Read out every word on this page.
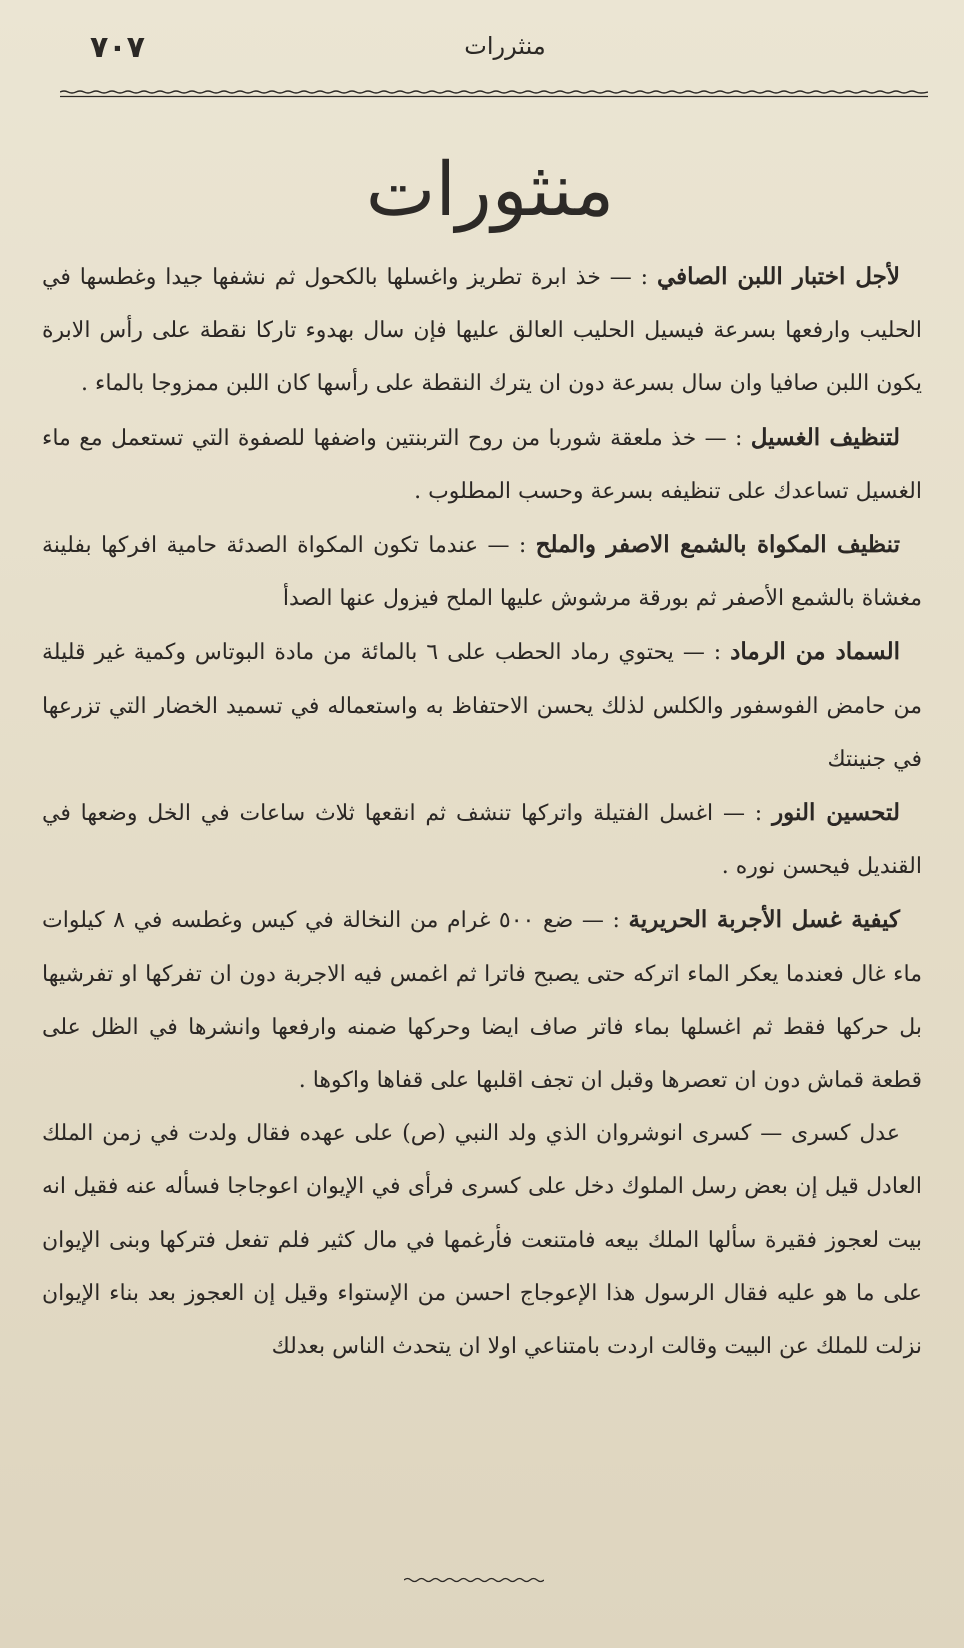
٧٠٧	منثررات
منثورات

لأجل اختبار اللبن الصافي : — خذ ابرة تطريز واغسلها بالكحول ثم نشفها جيدا وغطسها في الحليب وارفعها بسرعة فيسيل الحليب العالق عليها فإن سال بهدوء تاركا نقطة على رأس الابرة يكون اللبن صافيا وان سال بسرعة دون ان يترك النقطة على رأسها كان اللبن ممزوجا بالماء .

لتنظيف الغسيل : — خذ ملعقة شوربا من روح التربنتين واضفها للصفوة التي تستعمل مع ماء الغسيل تساعدك على تنظيفه بسرعة وحسب المطلوب .

تنظيف المكواة بالشمع الاصفر والملح : — عندما تكون المكواة الصدئة حامية افركها بفلينة مغشاة بالشمع الأصفر ثم بورقة مرشوش عليها الملح فيزول عنها الصدأ

السماد من الرماد : — يحتوي رماد الحطب على ٦ بالمائة من مادة البوتاس وكمية غير قليلة من حامض الفوسفور والكلس لذلك يحسن الاحتفاظ به واستعماله في تسميد الخضار التي تزرعها في جنينتك

لتحسين النور : — اغسل الفتيلة واتركها تنشف ثم انقعها ثلاث ساعات في الخل وضعها في القنديل فيحسن نوره .

كيفية غسل الأجربة الحريرية : — ضع ٥٠٠ غرام من النخالة في كيس وغطسه في ٨ كيلوات ماء غال فعندما يعكر الماء اتركه حتى يصبح فاترا ثم اغمس فيه الاجربة دون ان تفركها او تفرشيها بل حركها فقط ثم اغسلها بماء فاتر صاف ايضا وحركها ضمنه وارفعها وانشرها في الظل على قطعة قماش دون ان تعصرها وقبل ان تجف اقلبها على قفاها واكوها .

عدل كسرى — كسرى انوشروان الذي ولد النبي (ص) على عهده فقال ولدت في زمن الملك العادل قيل إن بعض رسل الملوك دخل على كسرى فرأى في الإيوان اعوجاجا فسأله عنه فقيل انه بيت لعجوز فقيرة سألها الملك بيعه فامتنعت فأرغمها في مال كثير فلم تفعل فتركها وبنى الإيوان على ما هو عليه فقال الرسول هذا الإعوجاج احسن من الإستواء وقيل إن العجوز بعد بناء الإيوان نزلت للملك عن البيت وقالت اردت بامتناعي اولا ان يتحدث الناس بعدلك
